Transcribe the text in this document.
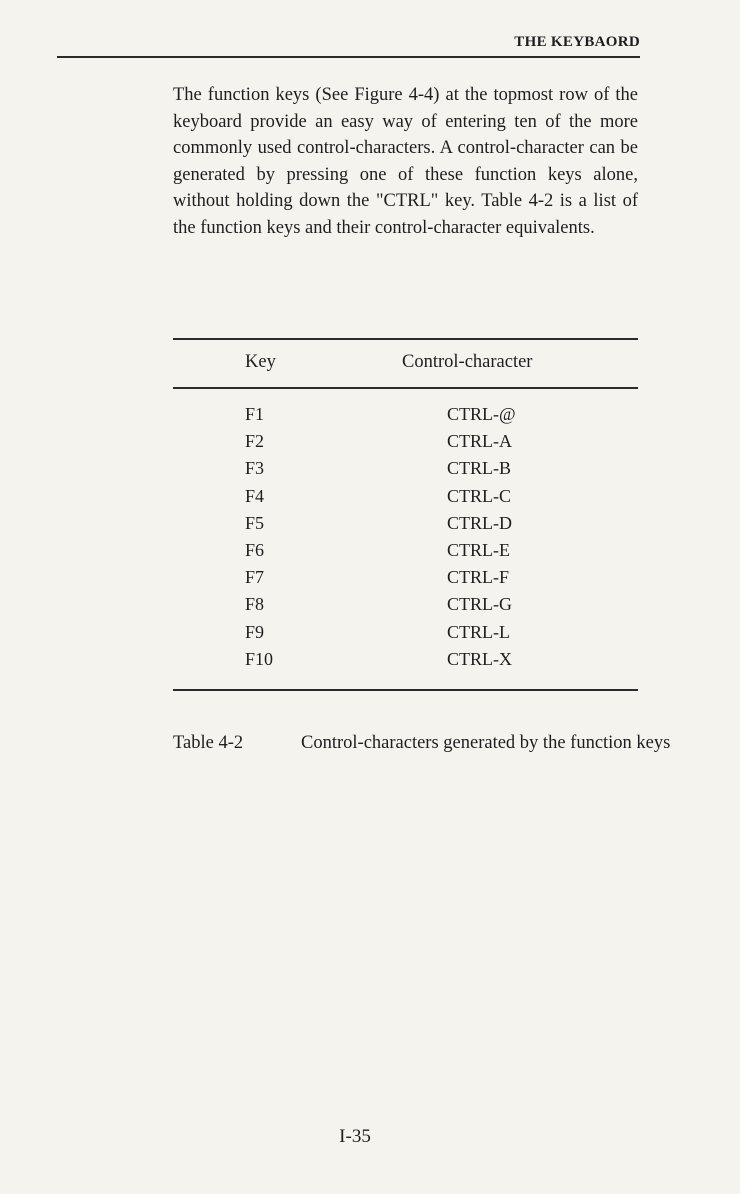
THE KEYBAORD

The function keys (See Figure 4-4) at the topmost row of the keyboard provide an easy way of entering ten of the more commonly used control-characters. A control-character can be generated by pressing one of these function keys alone, without holding down the "CTRL" key. Table 4-2 is a list of the function keys and their control-character equivalents.

Key	Control-character
F1	CTRL-@
F2	CTRL-A
F3	CTRL-B
F4	CTRL-C
F5	CTRL-D
F6	CTRL-E
F7	CTRL-F
F8	CTRL-G
F9	CTRL-L
F10	CTRL-X
Table 4-2	Control-characters generated by the function keys
I-35
